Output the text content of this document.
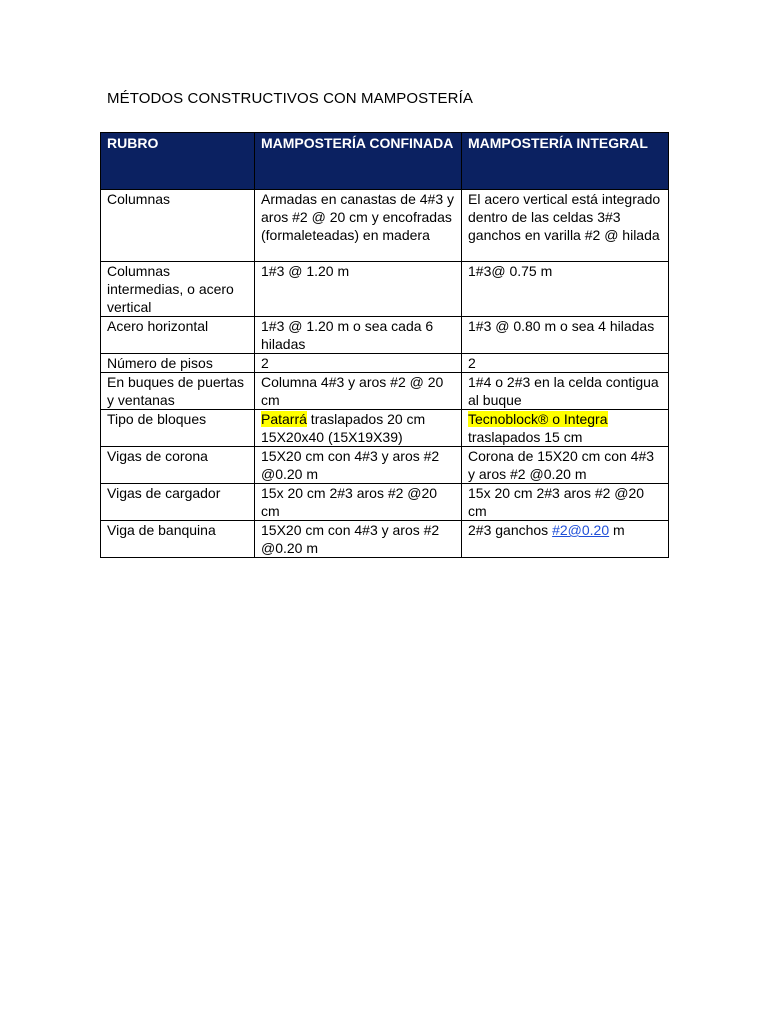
MÉTODOS CONSTRUCTIVOS CON MAMPOSTERÍA
RUBRO	MAMPOSTERÍA CONFINADA	MAMPOSTERÍA INTEGRAL
Columnas	Armadas en canastas de 4#3 y aros #2 @ 20 cm y encofradas (formaleteadas) en madera	El acero vertical está integrado dentro de las celdas 3#3 ganchos en varilla #2 @ hilada
Columnas intermedias, o acero vertical	1#3 @ 1.20 m	1#3@ 0.75 m
Acero horizontal	1#3 @ 1.20 m o sea cada 6 hiladas	1#3 @ 0.80 m o sea 4 hiladas
Número de pisos	2	2
En buques de puertas y ventanas	Columna 4#3 y aros #2 @ 20 cm	1#4 o 2#3 en la celda contigua al buque
Tipo de bloques	Patarrá traslapados 20 cm 15X20x40 (15X19X39)	Tecnoblock® o Integra traslapados 15 cm
Vigas de corona	15X20 cm con 4#3 y aros #2 @0.20 m	Corona de 15X20 cm con 4#3 y aros #2 @0.20 m
Vigas de cargador	15x 20 cm 2#3 aros #2 @20 cm	15x 20 cm 2#3 aros #2 @20 cm
Viga de banquina	15X20 cm con 4#3 y aros #2 @0.20 m	2#3 ganchos #2@0.20 m
